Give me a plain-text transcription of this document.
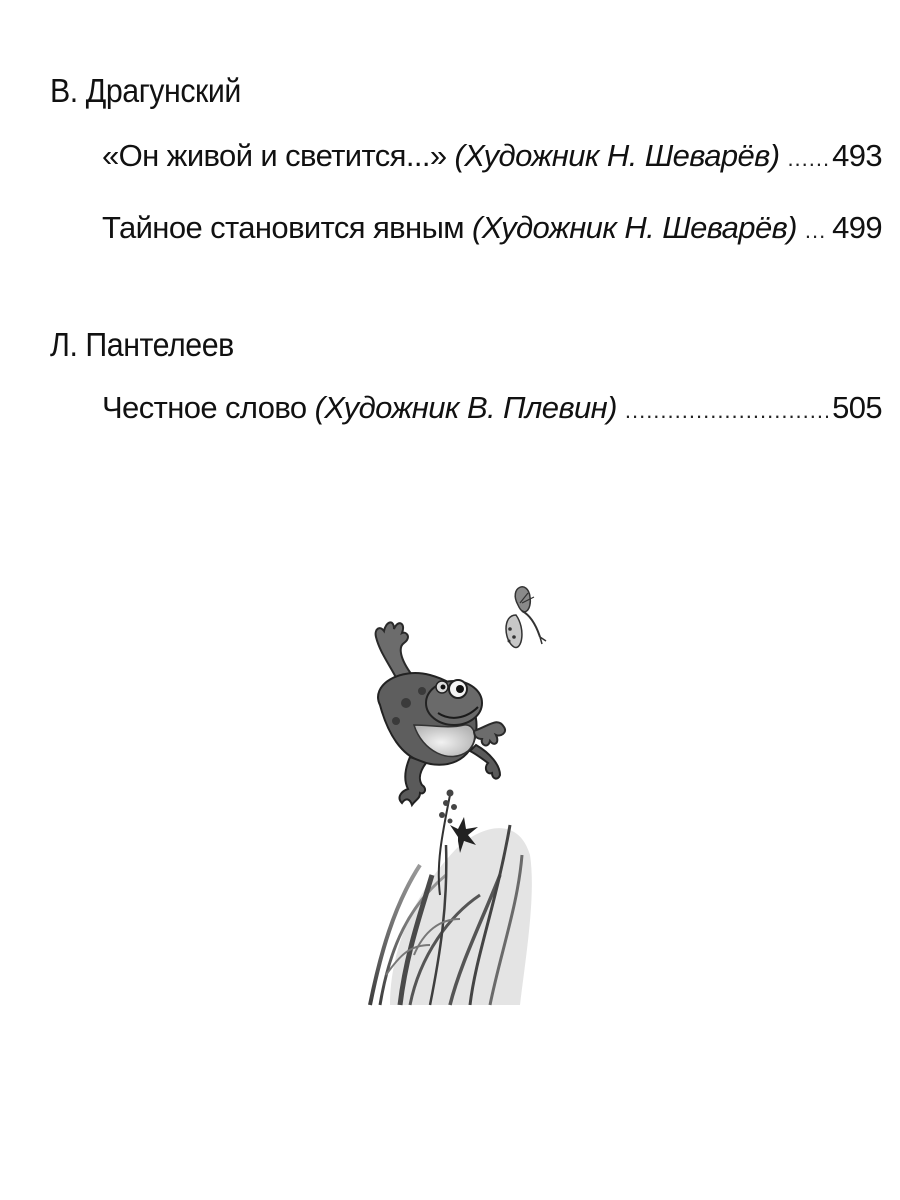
В. Драгунский
«Он живой и светится...» (Художник Н. Шеварёв) ..... 493
Тайное становится явным (Художник Н. Шеварёв) ..... 499
Л. Пантелеев
Честное слово (Художник В. Плевин) .....	505
